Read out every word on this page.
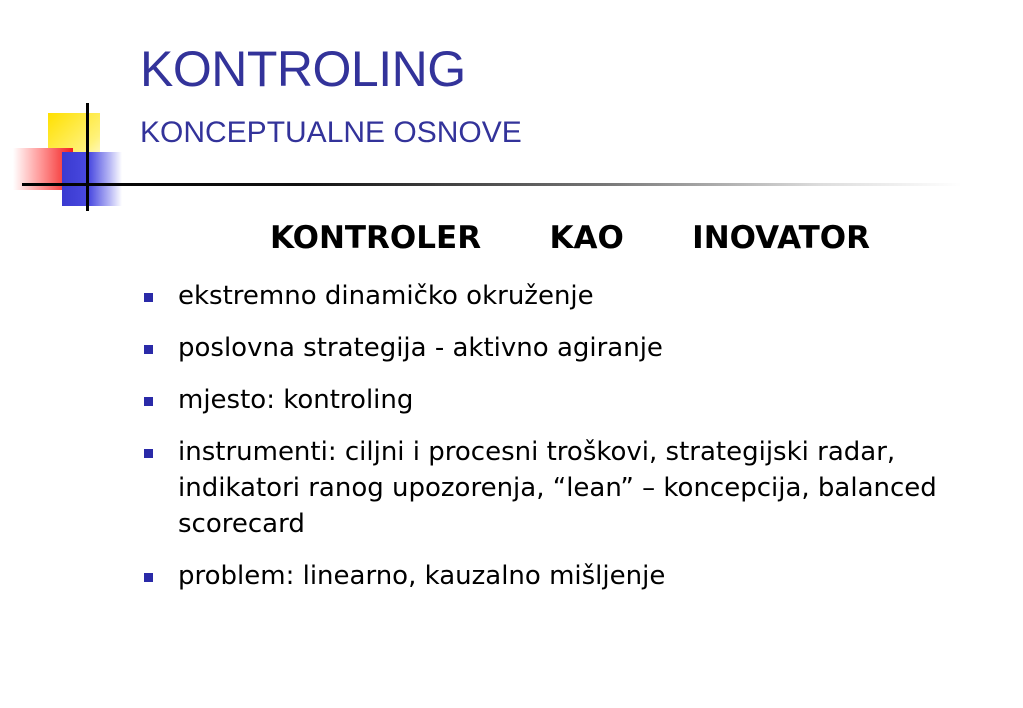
KONTROLING
KONCEPTUALNE OSNOVE
KONTROLER   KAO   INOVATOR
ekstremno dinamičko okruženje
poslovna strategija - aktivno agiranje
mjesto: kontroling
instrumenti: ciljni i procesni troškovi, strategijski radar, indikatori ranog upozorenja, “lean” – koncepcija, balanced scorecard
problem: linearno, kauzalno mišljenje
